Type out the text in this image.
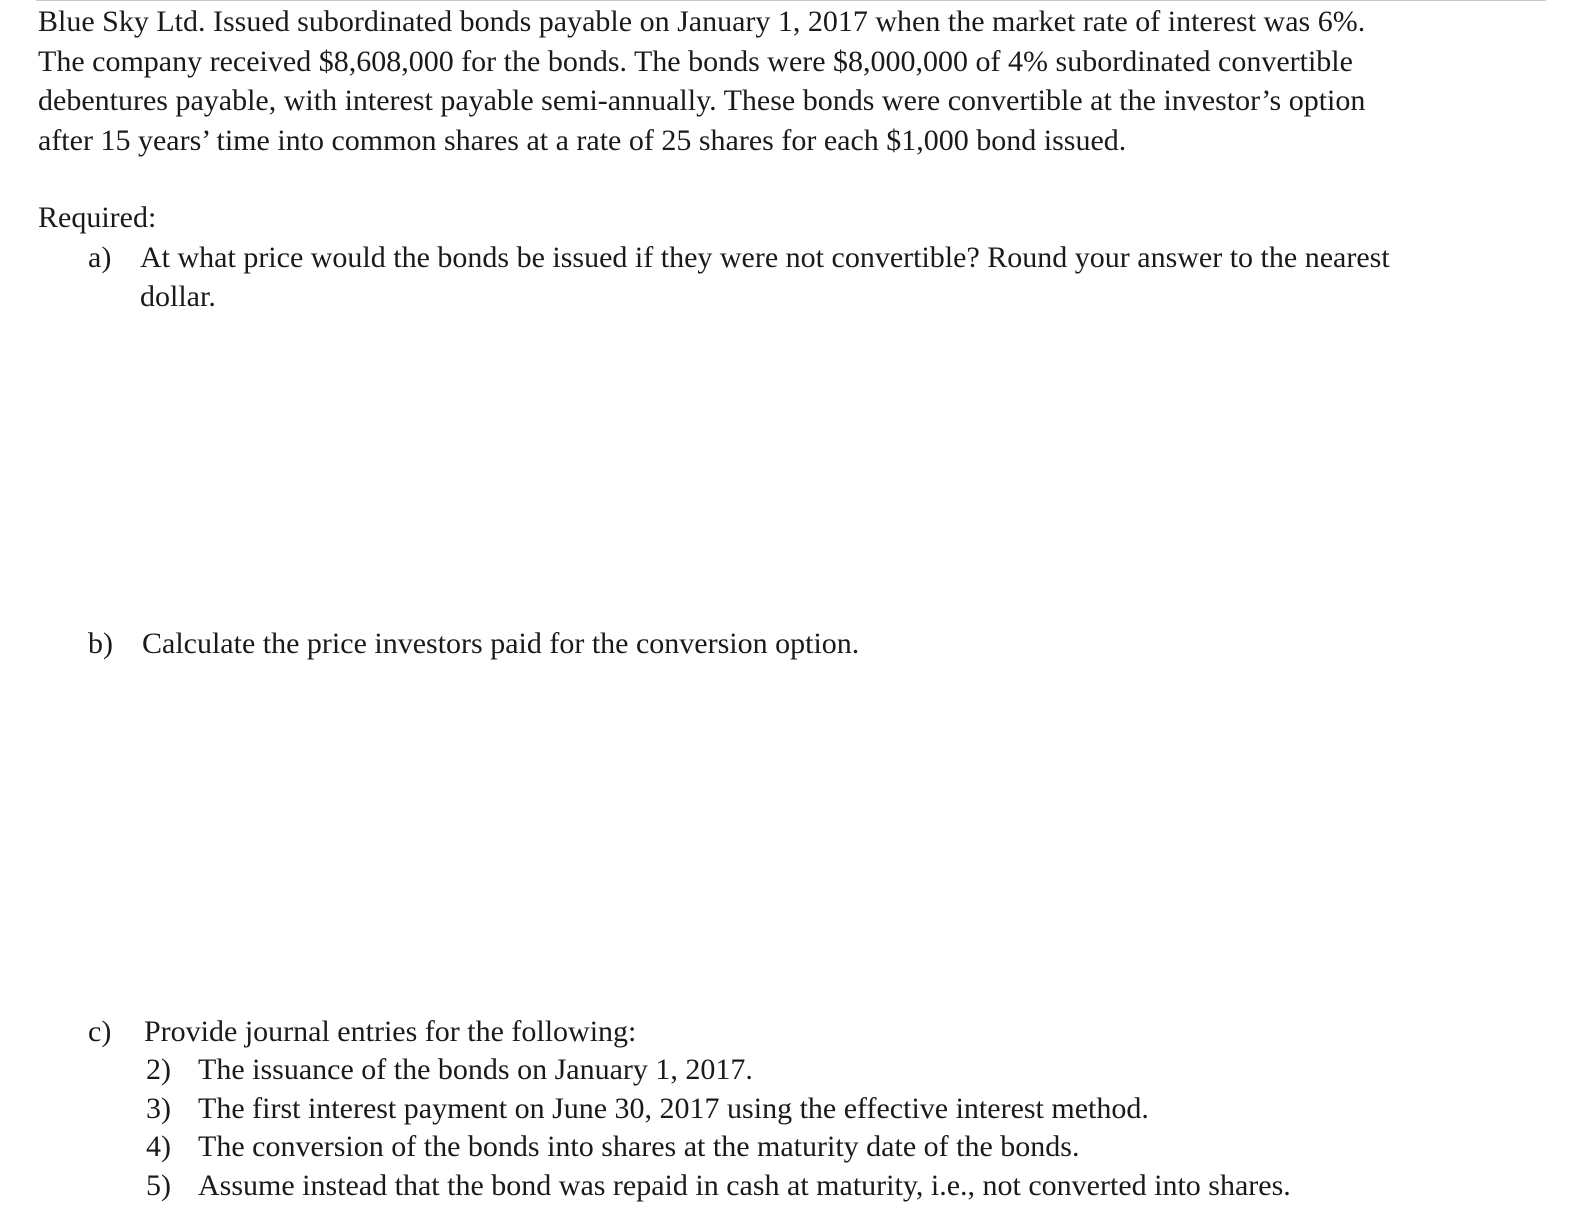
Blue Sky Ltd. Issued subordinated bonds payable on January 1, 2017 when the market rate of interest was 6%.
The company received $8,608,000 for the bonds. The bonds were $8,000,000 of 4% subordinated convertible
debentures payable, with interest payable semi-annually. These bonds were convertible at the investor’s option
after 15 years’ time into common shares at a rate of 25 shares for each $1,000 bond issued.

Required:

a) At what price would the bonds be issued if they were not convertible? Round your answer to the nearest
dollar.
b) Calculate the price investors paid for the conversion option.
c) Provide journal entries for the following:
2) The issuance of the bonds on January 1, 2017.
3) The first interest payment on June 30, 2017 using the effective interest method.
4) The conversion of the bonds into shares at the maturity date of the bonds.
5) Assume instead that the bond was repaid in cash at maturity, i.e., not converted into shares.
